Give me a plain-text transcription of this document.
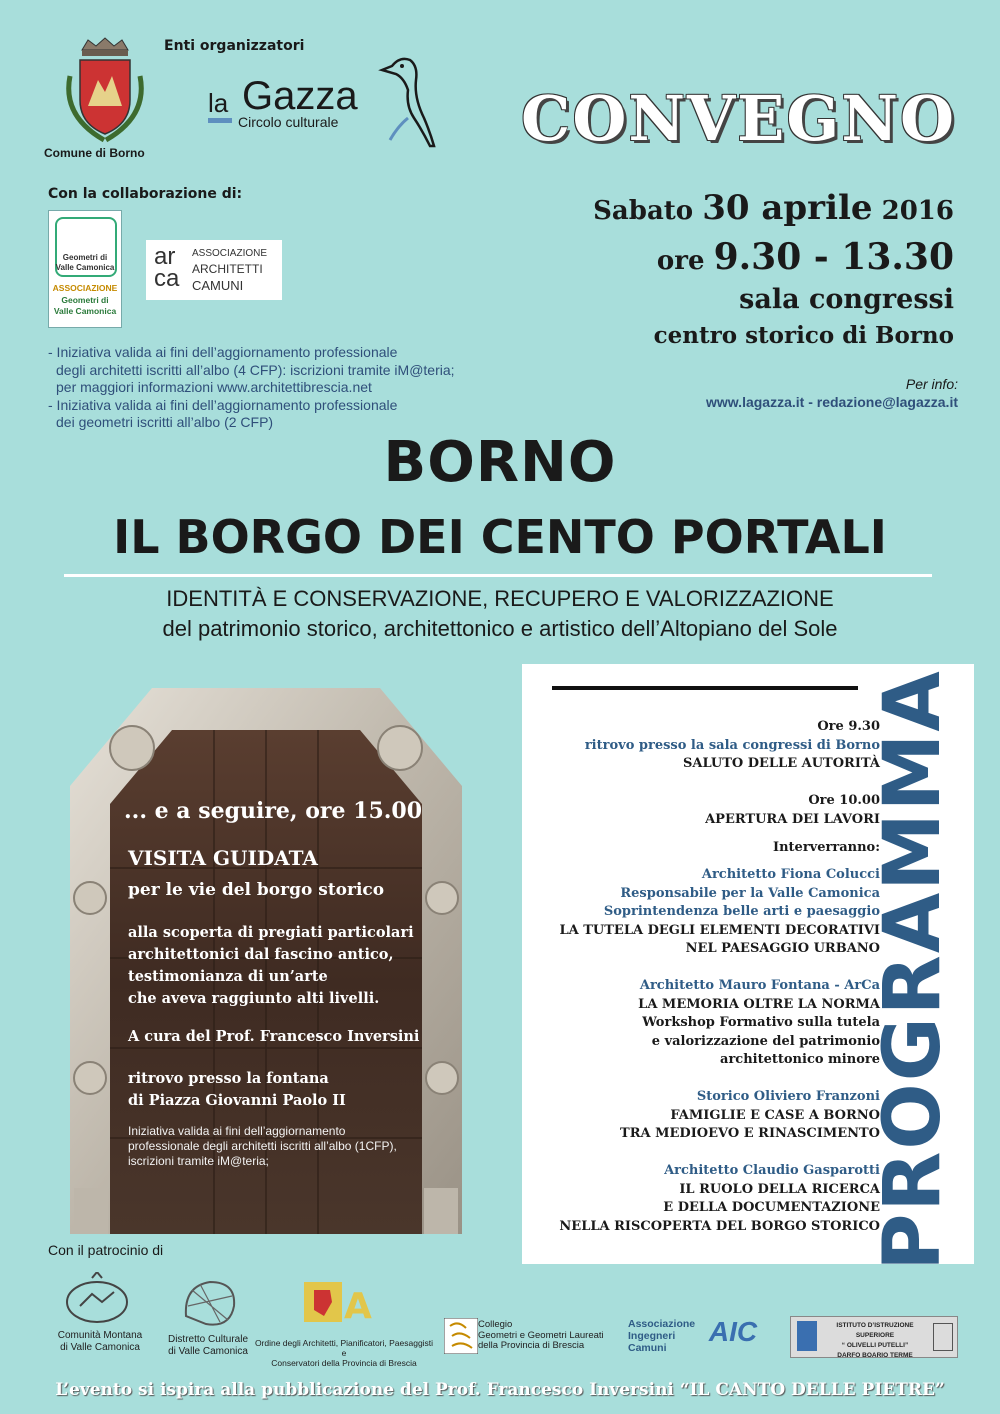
Comune di Borno
Enti organizzatori
la Gazza
Circolo culturale	CONVEGNO
Con la collaborazione di:
Geometri di
Valle Camonica
ASSOCIAZIONE
Geometri di
Valle Camonica
ar
ca
ASSOCIAZIONE
ARCHITETTI
CAMUNI
Sabato 30 aprile 2016
ore 9.30 - 13.30
sala congressi
centro storico di Borno
- Iniziativa valida ai fini dell’aggiornamento professionale
degli architetti iscritti all’albo (4 CFP): iscrizioni tramite iM@teria;
per maggiori informazioni www.architettibrescia.net
- Iniziativa valida ai fini dell’aggiornamento professionale
dei geometri iscritti all’albo (2 CFP)
Per info:
www.lagazza.it - redazione@lagazza.it
BORNO
IL BORGO DEI CENTO PORTALI
IDENTITÀ E CONSERVAZIONE, RECUPERO E VALORIZZAZIONE
del patrimonio storico, architettonico e artistico dell’Altopiano del Sole
... e a seguire, ore 15.00
VISITA GUIDATA
per le vie del borgo storico
alla scoperta di pregiati particolari
architettonici dal fascino antico,
testimonianza di un’arte
che aveva raggiunto alti livelli.
A cura del Prof. Francesco Inversini
ritrovo presso la fontana
di Piazza Giovanni Paolo II
Iniziativa valida ai fini dell’aggiornamento
professionale degli architetti iscritti all’albo (1CFP),
iscrizioni tramite iM@teria;	PROGRAMMA
Ore 9.30
ritrovo presso la sala congressi di Borno
SALUTO DELLE AUTORITÀ
Ore 10.00
APERTURA DEI LAVORI
Interverranno:
Architetto Fiona Colucci
Responsabile per la Valle Camonica
Soprintendenza belle arti e paesaggio
LA TUTELA DEGLI ELEMENTI DECORATIVI
NEL PAESAGGIO URBANO
Architetto Mauro Fontana - ArCa
LA MEMORIA OLTRE LA NORMA
Workshop Formativo sulla tutela
e valorizzazione del patrimonio
architettonico minore
Storico Oliviero Franzoni
FAMIGLIE E CASE A BORNO
TRA MEDIOEVO E RINASCIMENTO
Architetto Claudio Gasparotti
IL RUOLO DELLA RICERCA
E DELLA DOCUMENTAZIONE
NELLA RISCOPERTA DEL BORGO STORICO
Con il patrocinio di
Comunità Montana
di Valle Camonica
Distretto Culturale
di Valle Camonica
A
Ordine degli Architetti, Pianificatori, Paesaggisti e
Conservatori della Provincia di Brescia
Collegio
Geometri e Geometri Laureati
della Provincia di Brescia
Associazione
Ingegneri
Camuni
AIC	ISTITUTO D’ISTRUZIONE SUPERIORE
“ OLIVELLI PUTELLI”
DARFO BOARIO TERME
L’evento si ispira alla pubblicazione del Prof. Francesco Inversini “IL CANTO DELLE PIETRE”
